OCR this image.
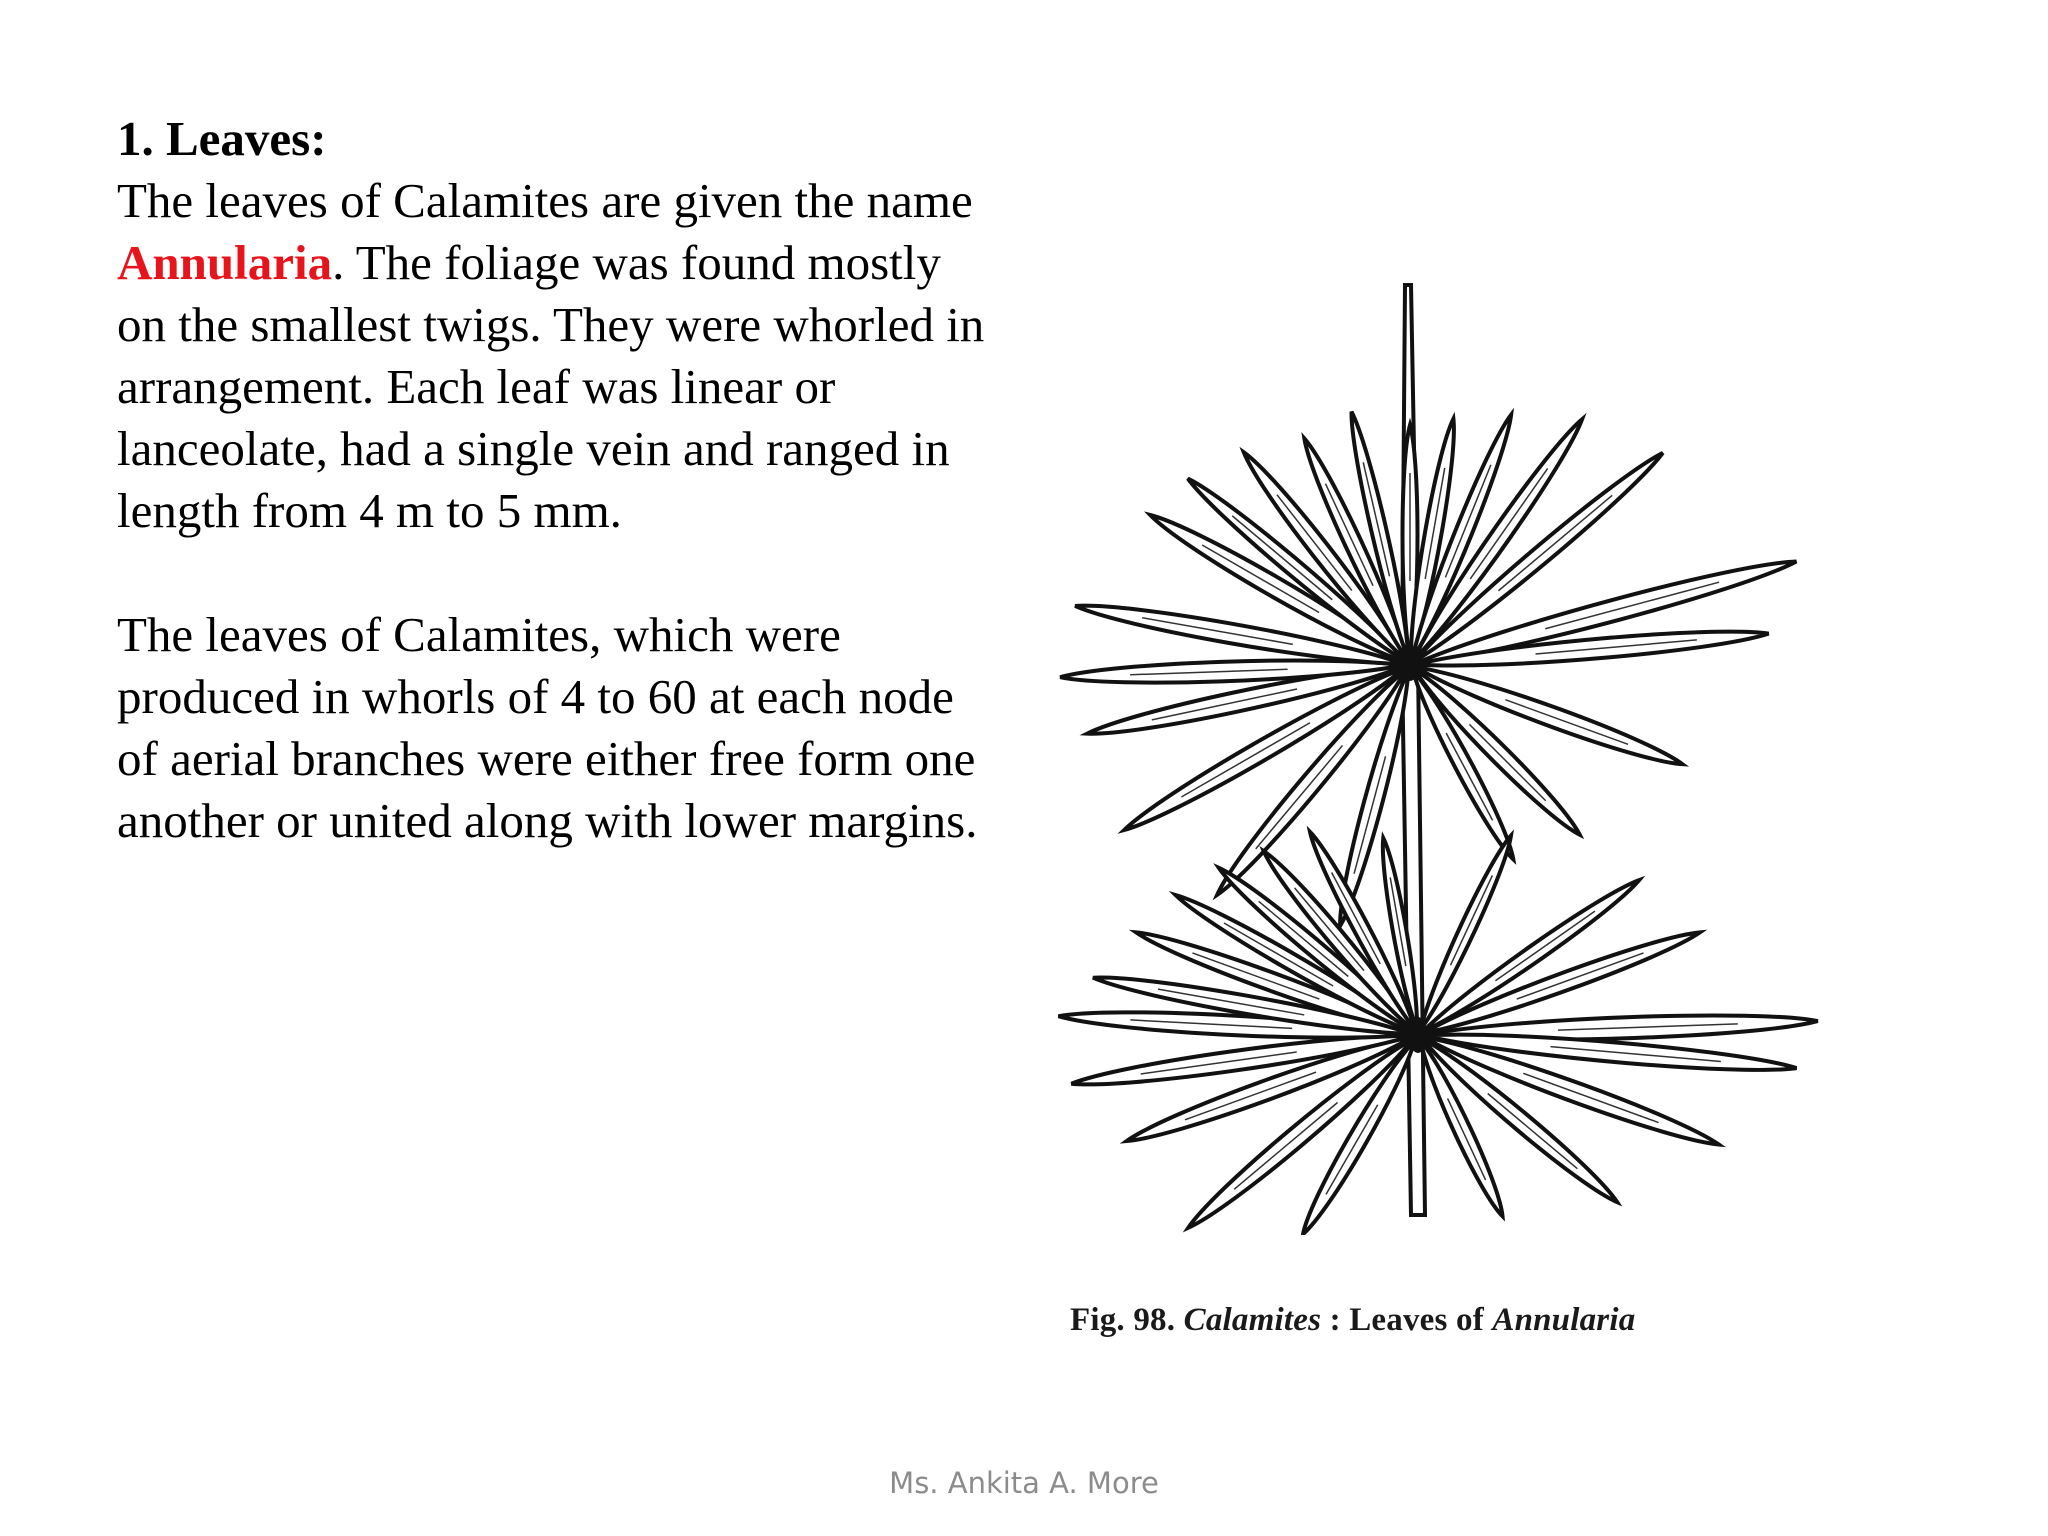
1. Leaves:

The leaves of Calamites are given the name Annularia. The foliage was found mostly on the smallest twigs. They were whorled in arrangement. Each leaf was linear or lanceolate, had a single vein and ranged in length from 4 m to 5 mm.

The leaves of Calamites, which were produced in whorls of 4 to 60 at each node of aerial branches were either free form one another or united along with lower margins.

Fig. 98. Calamites : Leaves of Annularia
Ms. Ankita A. More
